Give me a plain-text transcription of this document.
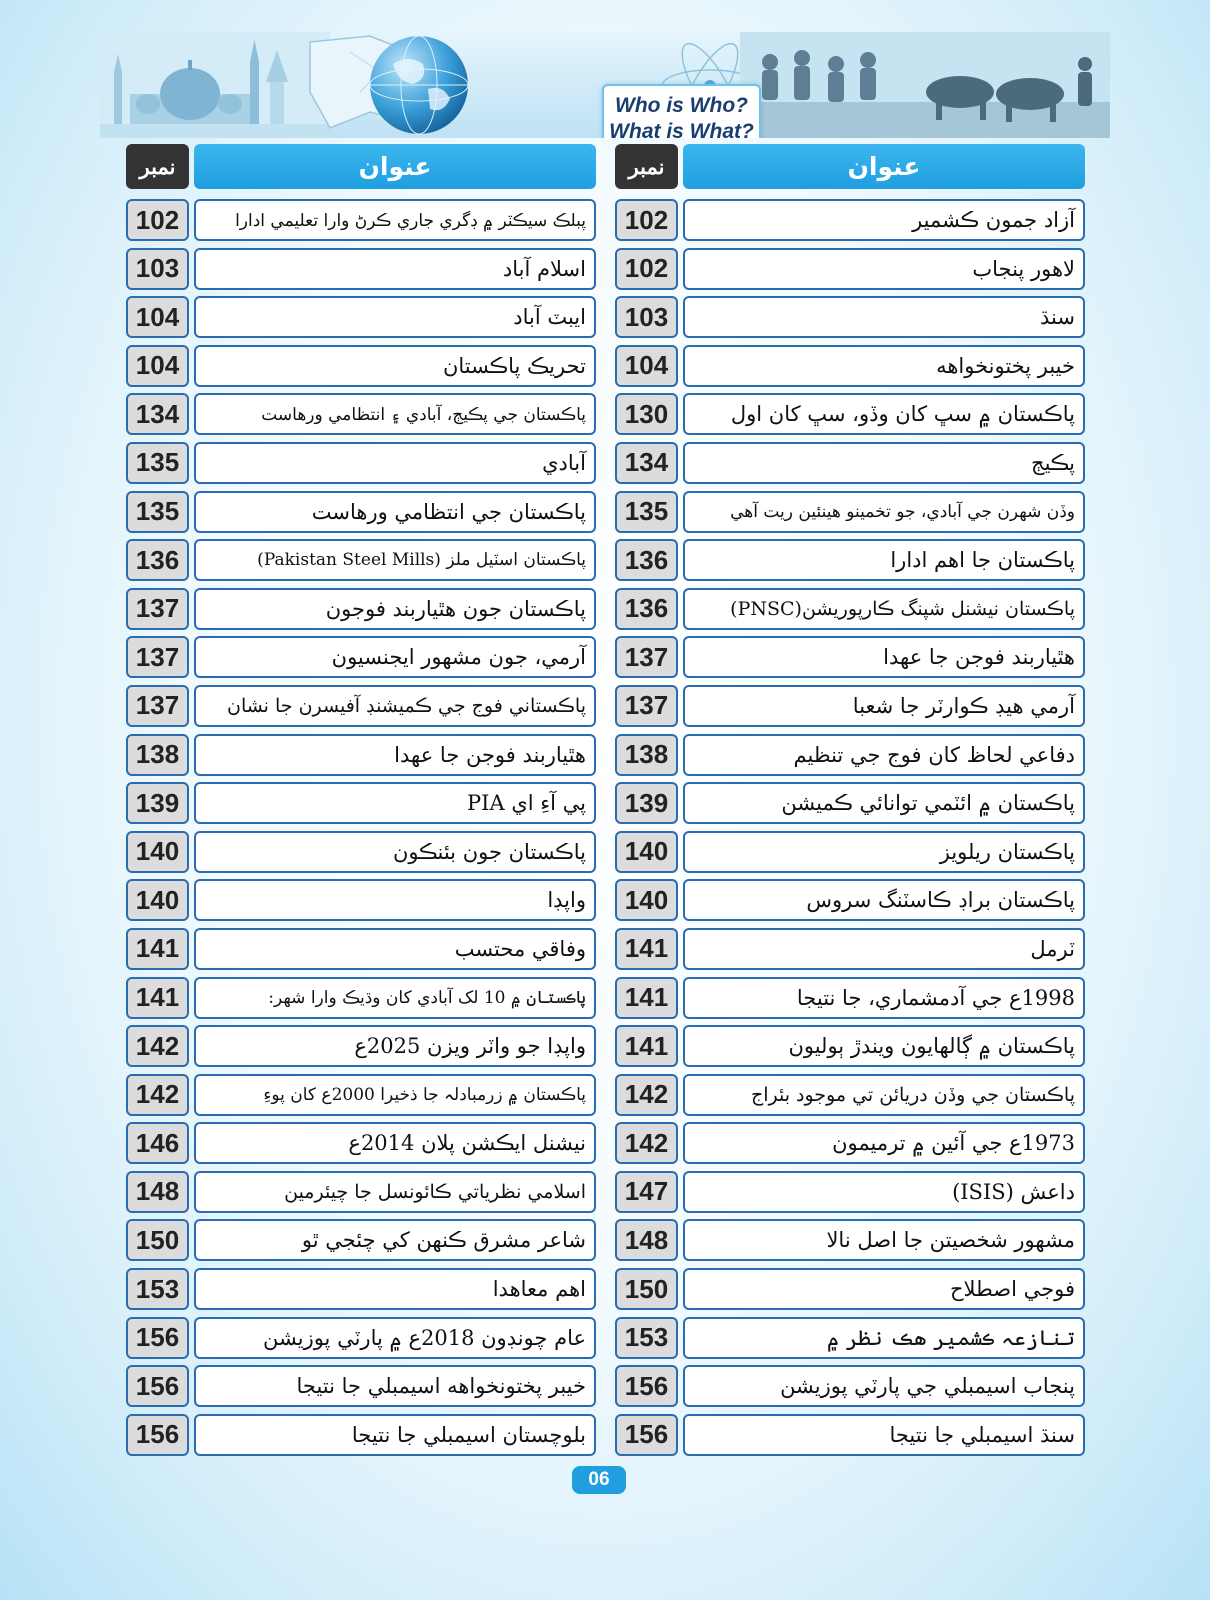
Who is Who?
What is What?
نمبر	عنوان
102	پبلڪ سيڪٽر ۾ ڊگري جاري ڪرڻ وارا تعليمي ادارا
103	اسلام آباد
104	ايبٽ آباد
104	تحريڪ پاڪستان
134	پاڪستان جي پڪيڄ، آبادي ۽ انتظامي ورهاست
135	آبادي
135	پاڪستان جي انتظامي ورهاست
136	پاڪستان اسٽيل ملز (Pakistan Steel Mills)
137	پاڪستان جون هٿياربند فوجون
137	آرمي، جون مشهور ايجنسيون
137	پاڪستاني فوج جي ڪميشنڊ آفيسرن جا نشان
138	هٿياربند فوجن جا عهدا
139	پي آءِ اي PIA
140	پاڪستان جون بئنڪون
140	واپڊا
141	وفاقي محتسب
141	پاڪستان ۾ 10 لک آبادي کان وڌيڪ وارا شهر:
142	واپڊا جو واٽر ويزن 2025ع
142	پاڪستان ۾ زرمبادلہ جا ذخيرا 2000ع کان پوءِ
146	نيشنل ايڪشن پلان 2014ع
148	اسلامي نظرياتي ڪائونسل جا چيئرمين
150	شاعر مشرق ڪنهن کي چئجي ٿو
153	اهم معاهدا
156	عام چونڊون 2018ع ۾ پارٽي پوزيشن
156	خيبر پختونخواهه اسيمبلي جا نتيجا
156	بلوچستان اسيمبلي جا نتيجا
نمبر	عنوان
102	آزاد جمون ڪشمير
102	لاهور پنجاب
103	سنڌ
104	خيبر پختونخواهه
130	پاڪستان ۾ سڀ کان وڏو، سڀ کان اول
134	پڪيڄ
135	وڏن شهرن جي آبادي، جو تخمينو هينئين ريت آهي
136	پاڪستان جا اهم ادارا
136	پاڪستان نيشنل شپنگ ڪارپوريشن(PNSC)
137	هٿياربند فوجن جا عهدا
137	آرمي هيڊ ڪوارٽر جا شعبا
138	دفاعي لحاظ کان فوج جي تنظيم
139	پاڪستان ۾ ائٽمي توانائي ڪميشن
140	پاڪستان ريلويز
140	پاڪستان براڊ ڪاسٽنگ سروس
141	ٽرمل
141	1998ع جي آدمشماري، جا نتيجا
141	پاڪستان ۾ ڳالهايون ويندڙ ٻوليون
142	پاڪستان جي وڏن دريائن تي موجود بئراج
142	1973ع جي آئين ۾ ترميمون
147	داعش (ISIS)
148	مشهور شخصيتن جا اصل نالا
150	فوجي اصطلاح
153	تنازعہ ڪشمير هڪ نظر ۾
156	پنجاب اسيمبلي جي پارٽي پوزيشن
156	سنڌ اسيمبلي جا نتيجا
06
